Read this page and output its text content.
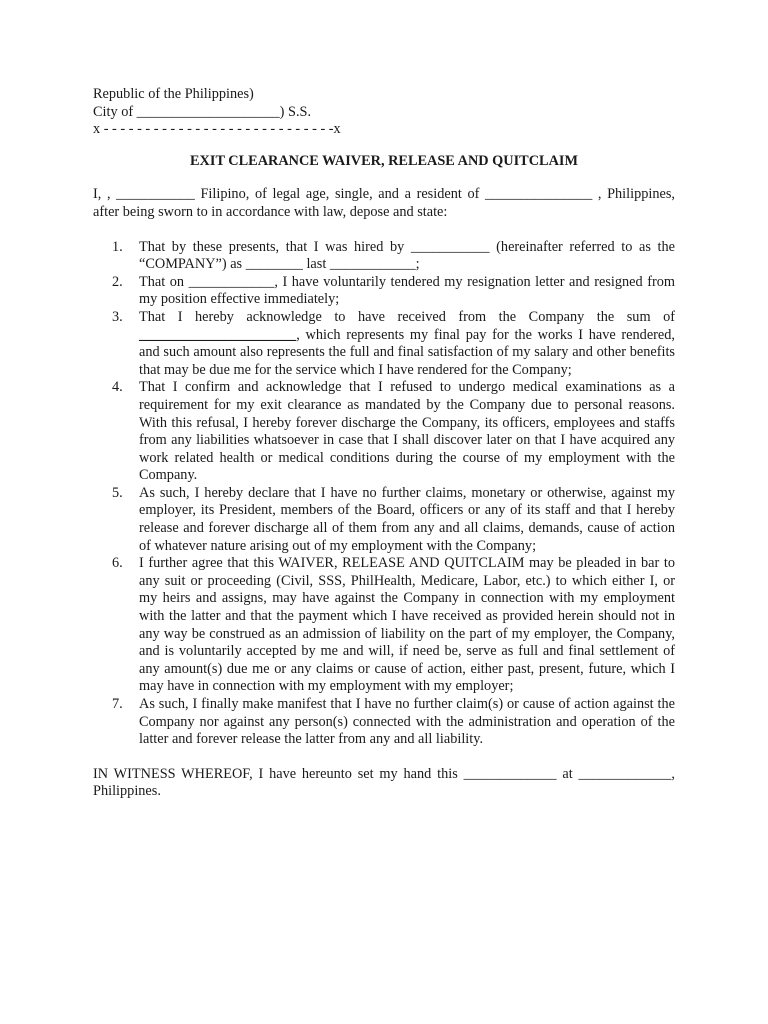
Republic of the Philippines)

City of ____________________) S.S.

x - - - - - - - - - - - - - - - - - - - - - - - - - - - -x

EXIT CLEARANCE WAIVER, RELEASE AND QUITCLAIM

I, , ___________ Filipino, of legal age, single, and a resident of _______________ , Philippines, after being sworn to in accordance with law, depose and state:

1. That by these presents, that I was hired by ___________ (hereinafter referred to as the “COMPANY”) as ________ last ____________;
2. That on ____________, I have voluntarily tendered my resignation letter and resigned from my position effective immediately;
3. That I hereby acknowledge to have received from the Company the sum of ______________________, which represents my final pay for the works I have rendered, and such amount also represents the full and final satisfaction of my salary and other benefits that may be due me for the service which I have rendered for the Company;
4. That I confirm and acknowledge that I refused to undergo medical examinations as a requirement for my exit clearance as mandated by the Company due to personal reasons. With this refusal, I hereby forever discharge the Company, its officers, employees and staffs from any liabilities whatsoever in case that I shall discover later on that I have acquired any work related health or medical conditions during the course of my employment with the Company.
5. As such, I hereby declare that I have no further claims, monetary or otherwise, against my employer, its President, members of the Board, officers or any of its staff and that I hereby release and forever discharge all of them from any and all claims, demands, cause of action of whatever nature arising out of my employment with the Company;
6. I further agree that this WAIVER, RELEASE AND QUITCLAIM may be pleaded in bar to any suit or proceeding (Civil, SSS, PhilHealth, Medicare, Labor, etc.) to which either I, or my heirs and assigns, may have against the Company in connection with my employment with the latter and that the payment which I have received as provided herein should not in any way be construed as an admission of liability on the part of my employer, the Company, and is voluntarily accepted by me and will, if need be, serve as full and final settlement of any amount(s) due me or any claims or cause of action, either past, present, future, which I may have in connection with my employment with my employer;
7. As such, I finally make manifest that I have no further claim(s) or cause of action against the Company nor against any person(s) connected with the administration and operation of the latter and forever release the latter from any and all liability.

IN WITNESS WHEREOF, I have hereunto set my hand this _____________ at _____________, Philippines.
